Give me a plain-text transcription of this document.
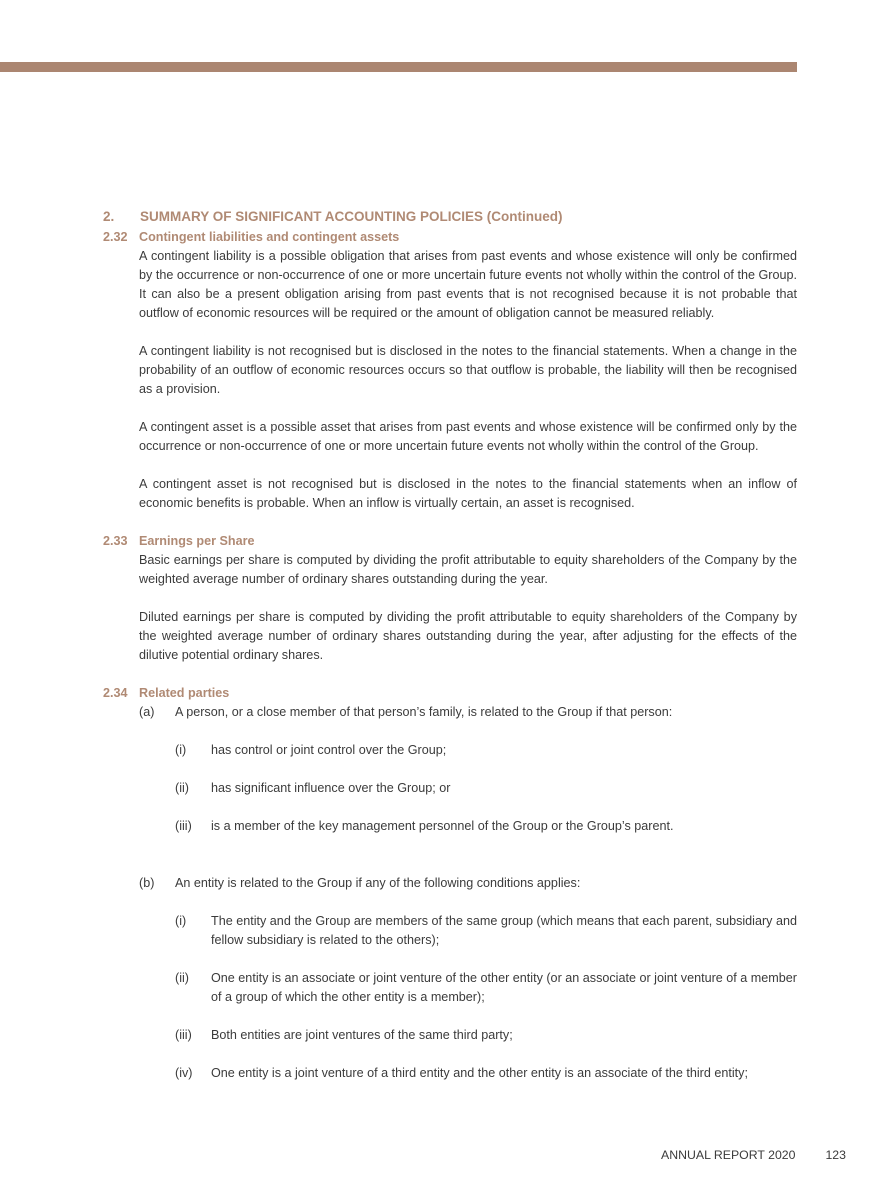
2.	SUMMARY OF SIGNIFICANT ACCOUNTING POLICIES (Continued)
2.32 Contingent liabilities and contingent assets

A contingent liability is a possible obligation that arises from past events and whose existence will only be confirmed by the occurrence or non-occurrence of one or more uncertain future events not wholly within the control of the Group. It can also be a present obligation arising from past events that is not recognised because it is not probable that outflow of economic resources will be required or the amount of obligation cannot be measured reliably.

A contingent liability is not recognised but is disclosed in the notes to the financial statements. When a change in the probability of an outflow of economic resources occurs so that outflow is probable, the liability will then be recognised as a provision.

A contingent asset is a possible asset that arises from past events and whose existence will be confirmed only by the occurrence or non-occurrence of one or more uncertain future events not wholly within the control of the Group.

A contingent asset is not recognised but is disclosed in the notes to the financial statements when an inflow of economic benefits is probable. When an inflow is virtually certain, an asset is recognised.

2.33 Earnings per Share

Basic earnings per share is computed by dividing the profit attributable to equity shareholders of the Company by the weighted average number of ordinary shares outstanding during the year.

Diluted earnings per share is computed by dividing the profit attributable to equity shareholders of the Company by the weighted average number of ordinary shares outstanding during the year, after adjusting for the effects of the dilutive potential ordinary shares.

2.34 Related parties
(a)	A person, or a close member of that person’s family, is related to the Group if that person:

(i)	has control or joint control over the Group;

(ii)	has significant influence over the Group; or

(iii)	is a member of the key management personnel of the Group or the Group’s parent.

(b)	An entity is related to the Group if any of the following conditions applies:

(i)	The entity and the Group are members of the same group (which means that each parent, subsidiary and fellow subsidiary is related to the others);

(ii)	One entity is an associate or joint venture of the other entity (or an associate or joint venture of a member of a group of which the other entity is a member);

(iii)	Both entities are joint ventures of the same third party;

(iv)	One entity is a joint venture of a third entity and the other entity is an associate of the third entity;

ANNUAL REPORT 2020 123
